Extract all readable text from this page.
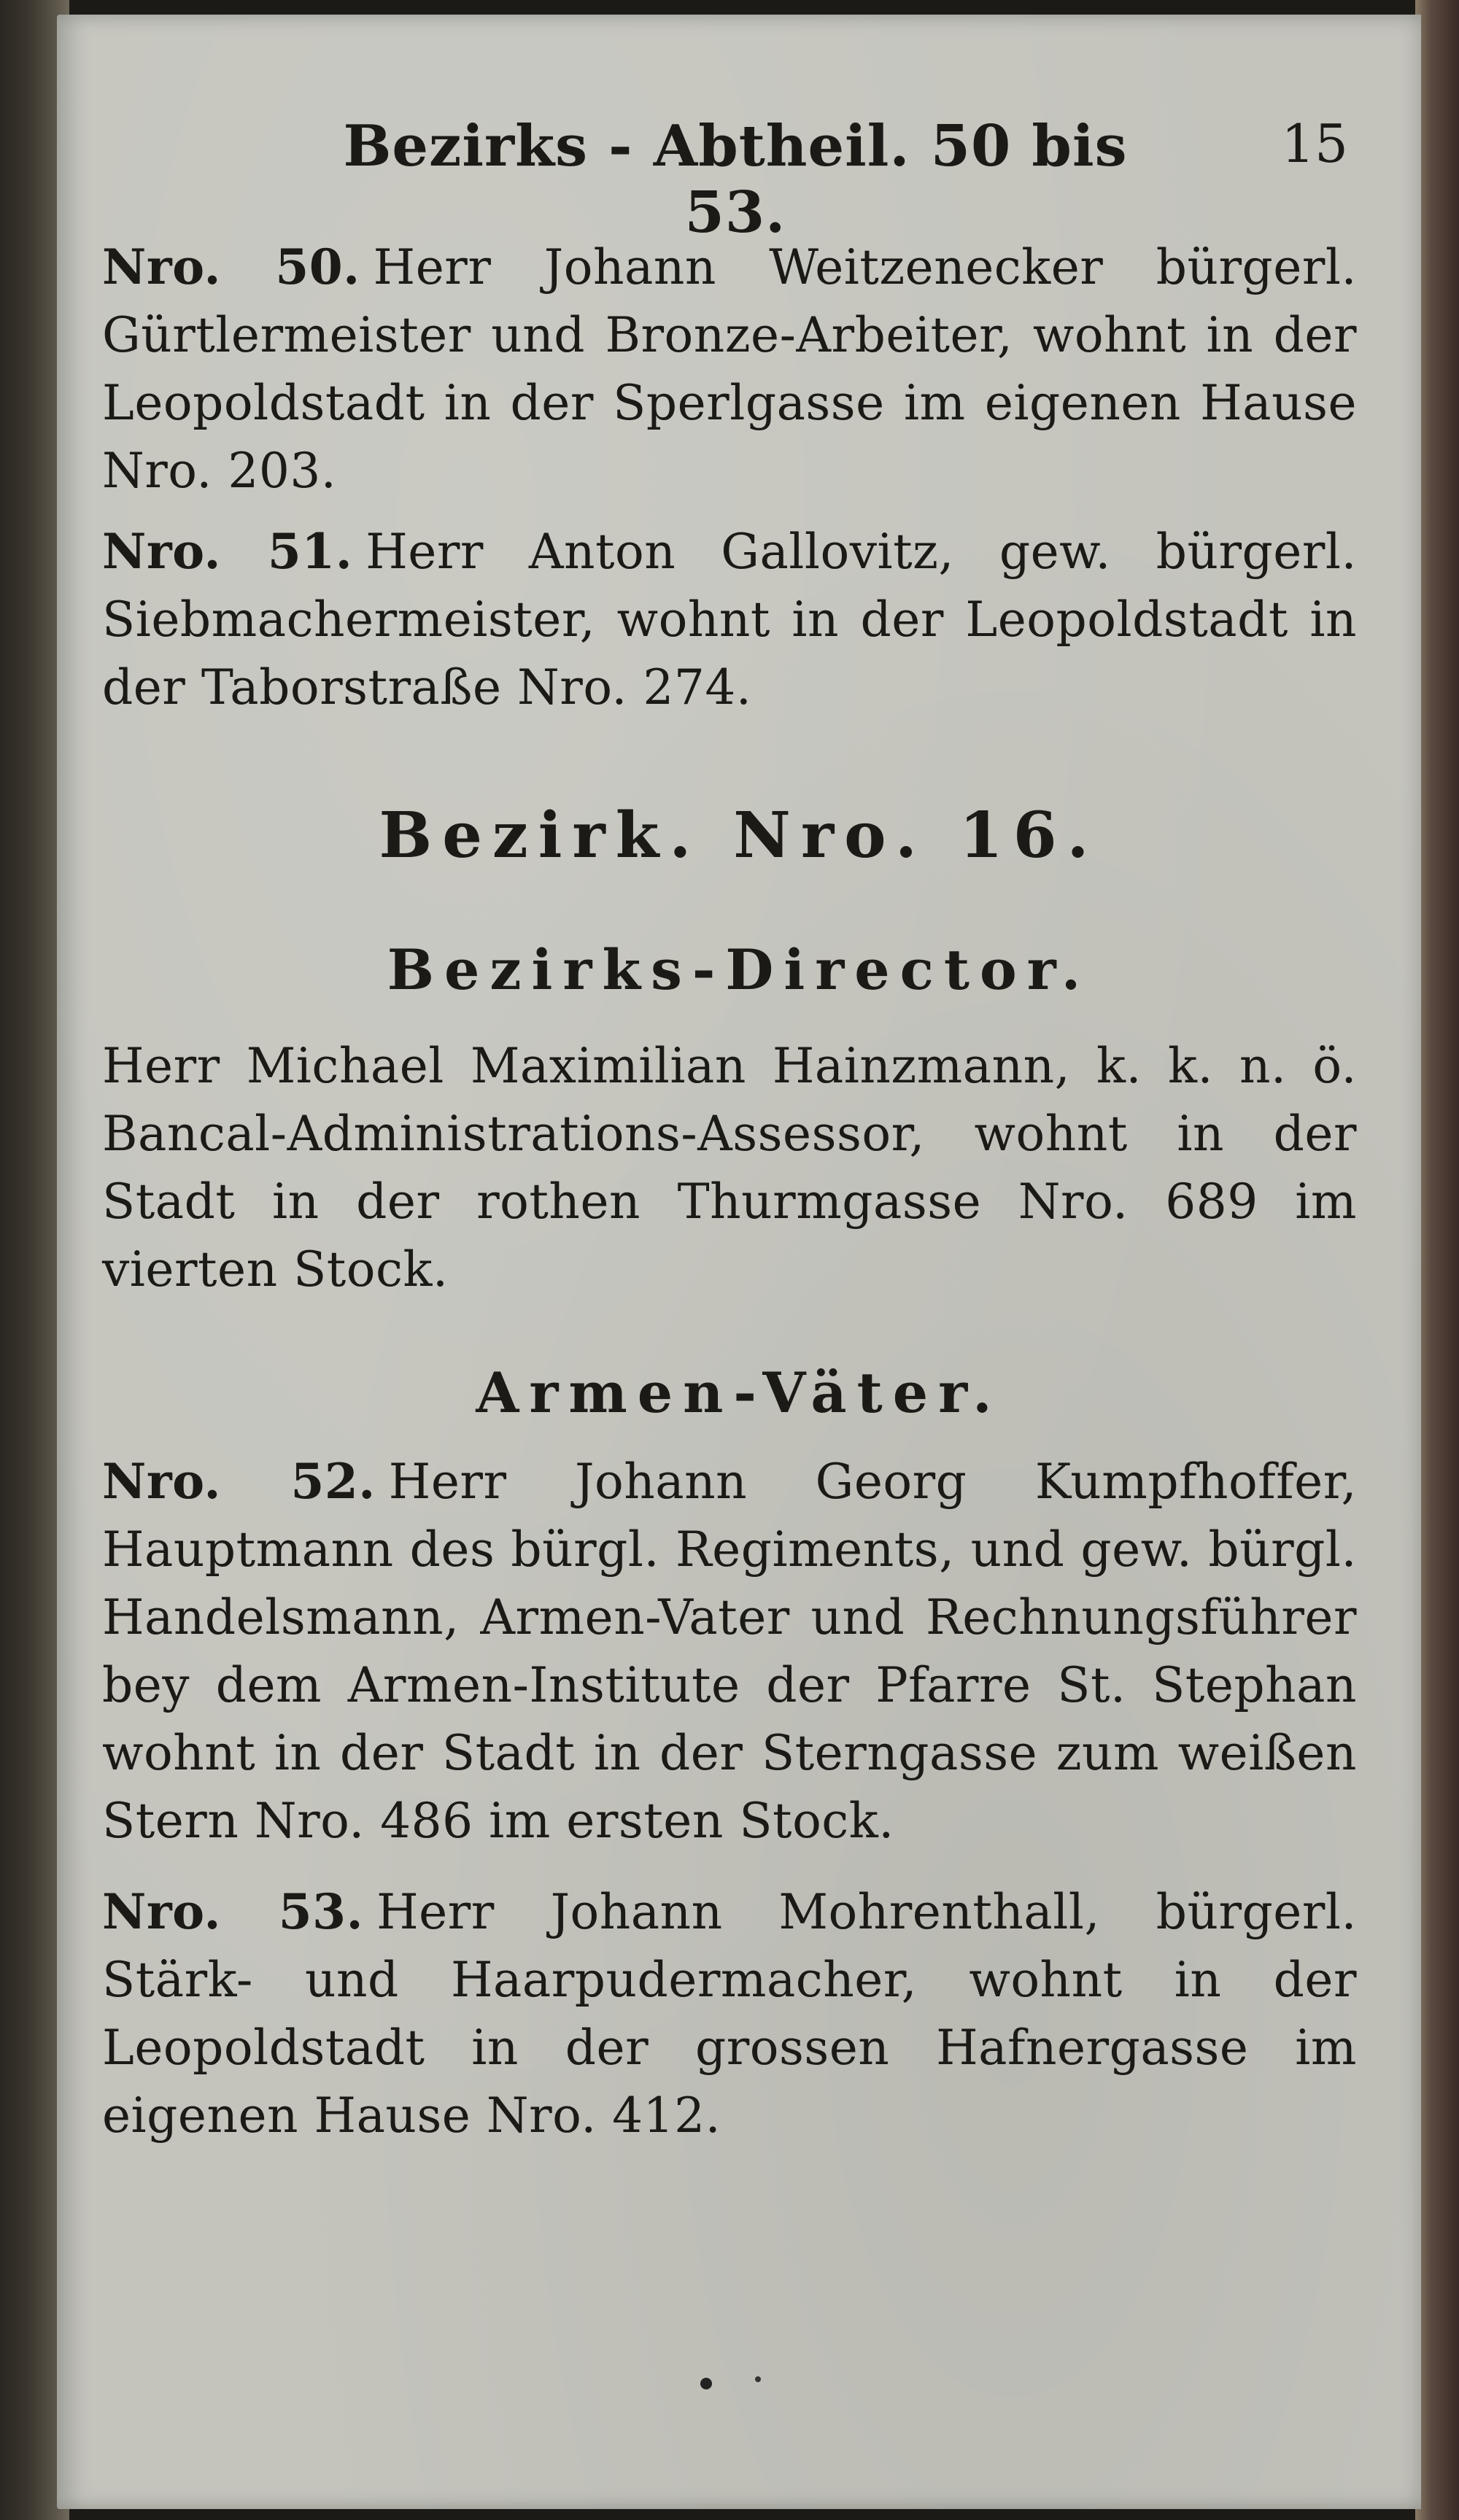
Bezirks - Abtheil. 50 bis 53.
15
Nro. 50. Herr Johann Weitzenecker bürgerl. Gürtlermeister und Bronze-Arbeiter, wohnt in der Leopoldstadt in der Sperlgasse im eigenen Hause Nro. 203.
Nro. 51. Herr Anton Gallovitz, gew. bürgerl. Siebmachermeister, wohnt in der Leopoldstadt in der Taborstraße Nro. 274.
Bezirk. Nro. 16.
Bezirks-Director.
Herr Michael Maximilian Hainzmann, k. k. n. ö. Bancal-Administrations-Assessor, wohnt in der Stadt in der rothen Thurmgasse Nro. 689 im vierten Stock.
Armen-Väter.
Nro. 52. Herr Johann Georg Kumpfhoffer, Hauptmann des bürgl. Regiments, und gew. bürgl. Handelsmann, Armen-Vater und Rechnungsführer bey dem Armen-Institute der Pfarre St. Stephan wohnt in der Stadt in der Sterngasse zum weißen Stern Nro. 486 im ersten Stock.
Nro. 53. Herr Johann Mohrenthall, bürgerl. Stärk- und Haarpudermacher, wohnt in der Leopoldstadt in der grossen Hafnergasse im eigenen Hause Nro. 412.
